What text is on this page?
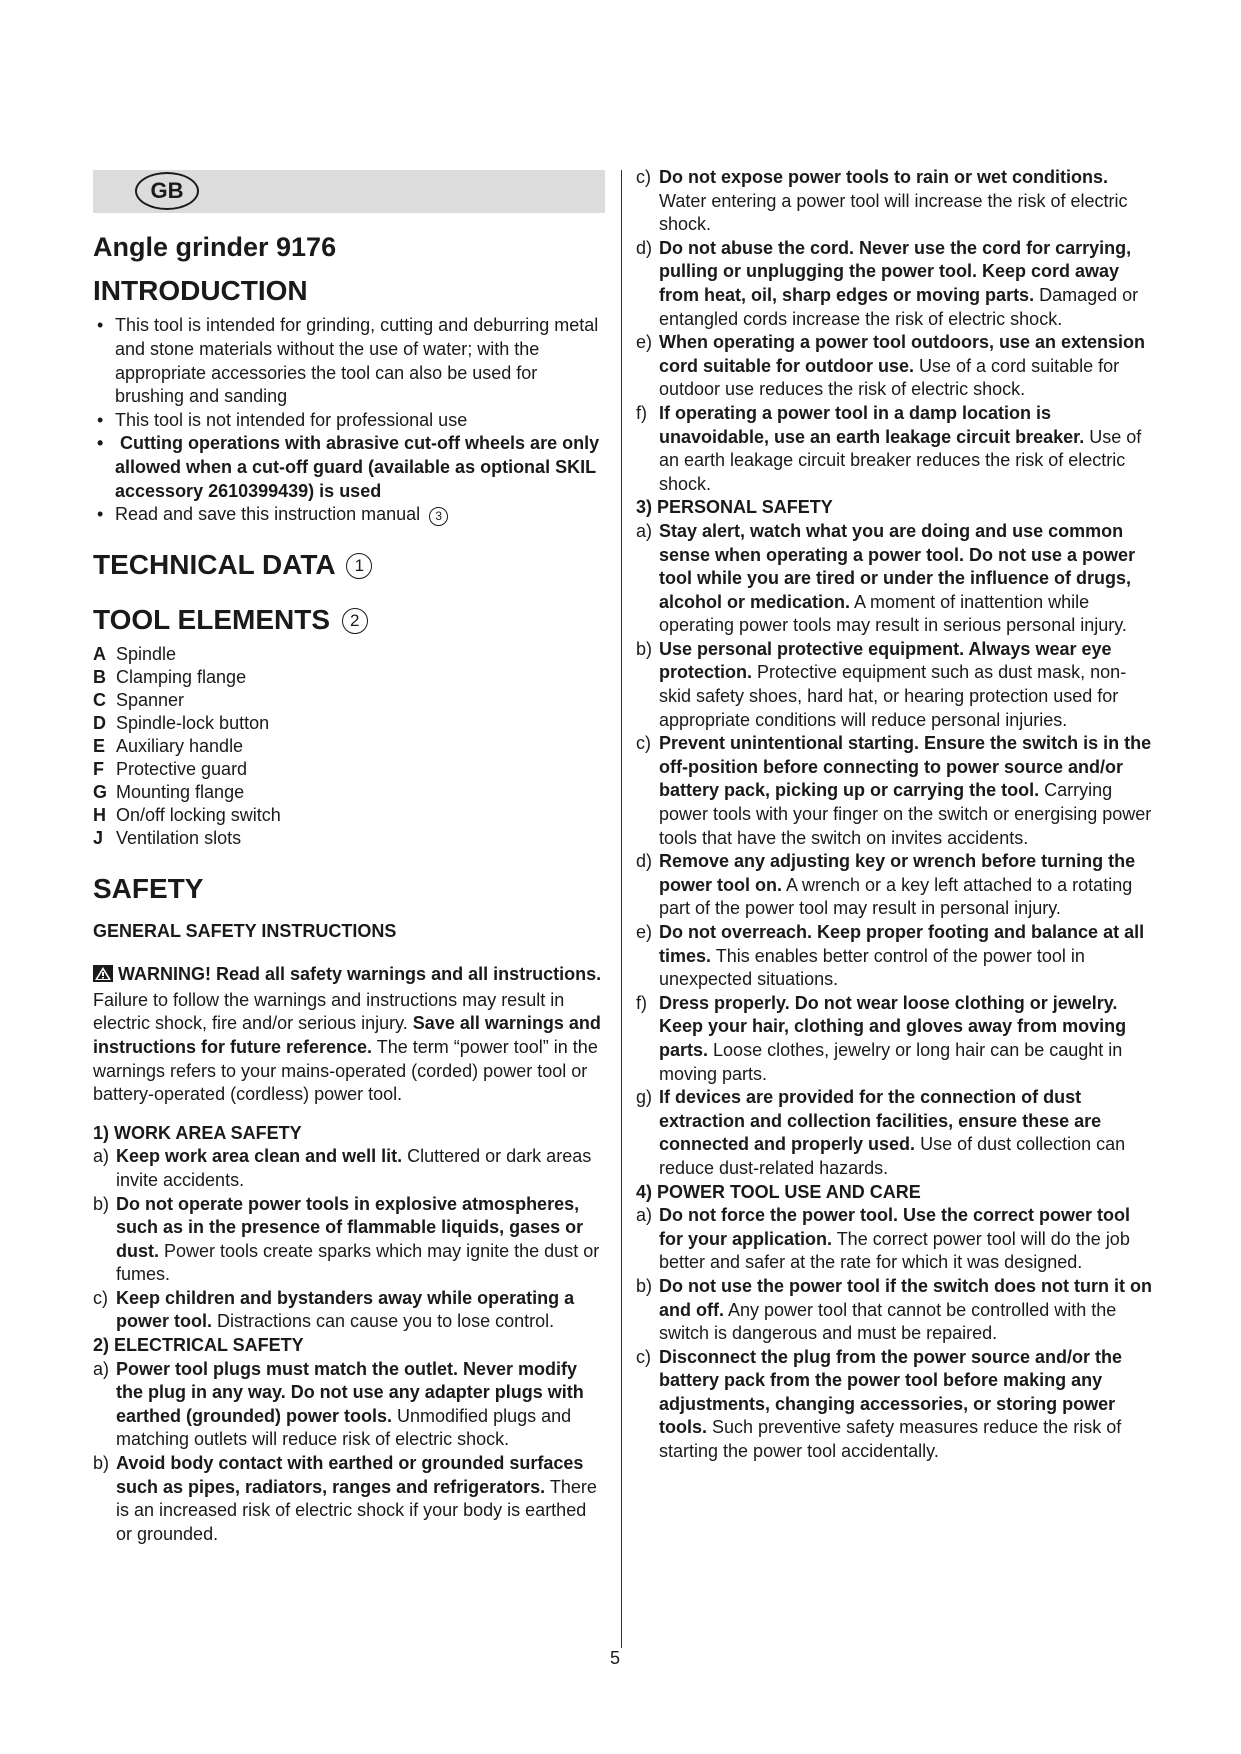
GB
Angle grinder 9176
INTRODUCTION
• This tool is intended for grinding, cutting and deburring metal and stone materials without the use of water; with the appropriate accessories the tool can also be used for brushing and sanding
• This tool is not intended for professional use
•  Cutting operations with abrasive cut-off wheels are only allowed when a cut-off guard (available as optional SKIL accessory 2610399439) is used
• Read and save this instruction manual 3
TECHNICAL DATA 1
TOOL ELEMENTS 2
A Spindle
B Clamping flange
C Spanner
D Spindle-lock button
E Auxiliary handle
F Protective guard
G Mounting flange
H On/off locking switch
J Ventilation slots
SAFETY
GENERAL SAFETY INSTRUCTIONS
WARNING! Read all safety warnings and all instructions. Failure to follow the warnings and instructions may result in electric shock, fire and/or serious injury. Save all warnings and instructions for future reference. The term “power tool” in the warnings refers to your mains-operated (corded) power tool or battery-operated (cordless) power tool.
1) WORK AREA SAFETY
a) Keep work area clean and well lit. Cluttered or dark areas invite accidents.

b) Do not operate power tools in explosive atmospheres, such as in the presence of flammable liquids, gases or dust. Power tools create sparks which may ignite the dust or fumes.

c) Keep children and bystanders away while operating a power tool. Distractions can cause you to lose control.

2) ELECTRICAL SAFETY
a) Power tool plugs must match the outlet. Never modify the plug in any way. Do not use any adapter plugs with earthed (grounded) power tools. Unmodified plugs and matching outlets will reduce risk of electric shock.

b) Avoid body contact with earthed or grounded surfaces such as pipes, radiators, ranges and refrigerators. There is an increased risk of electric shock if your body is earthed or grounded.

c) Do not expose power tools to rain or wet conditions. Water entering a power tool will increase the risk of electric shock.

d) Do not abuse the cord. Never use the cord for carrying, pulling or unplugging the power tool. Keep cord away from heat, oil, sharp edges or moving parts. Damaged or entangled cords increase the risk of electric shock.

e) When operating a power tool outdoors, use an extension cord suitable for outdoor use. Use of a cord suitable for outdoor use reduces the risk of electric shock.

f) If operating a power tool in a damp location is unavoidable, use an earth leakage circuit breaker. Use of an earth leakage circuit breaker reduces the risk of electric shock.

3) PERSONAL SAFETY
a) Stay alert, watch what you are doing and use common sense when operating a power tool. Do not use a power tool while you are tired or under the influence of drugs, alcohol or medication. A moment of inattention while operating power tools may result in serious personal injury.

b) Use personal protective equipment. Always wear eye protection. Protective equipment such as dust mask, non-skid safety shoes, hard hat, or hearing protection used for appropriate conditions will reduce personal injuries.

c) Prevent unintentional starting. Ensure the switch is in the off-position before connecting to power source and/or battery pack, picking up or carrying the tool. Carrying power tools with your finger on the switch or energising power tools that have the switch on invites accidents.

d) Remove any adjusting key or wrench before turning the power tool on. A wrench or a key left attached to a rotating part of the power tool may result in personal injury.

e) Do not overreach. Keep proper footing and balance at all times. This enables better control of the power tool in unexpected situations.

f) Dress properly. Do not wear loose clothing or jewelry. Keep your hair, clothing and gloves away from moving parts. Loose clothes, jewelry or long hair can be caught in moving parts.

g) If devices are provided for the connection of dust extraction and collection facilities, ensure these are connected and properly used. Use of dust collection can reduce dust-related hazards.

4) POWER TOOL USE AND CARE
a) Do not force the power tool. Use the correct power tool for your application. The correct power tool will do the job better and safer at the rate for which it was designed.

b) Do not use the power tool if the switch does not turn it on and off. Any power tool that cannot be controlled with the switch is dangerous and must be repaired.

c) Disconnect the plug from the power source and/or the battery pack from the power tool before making any adjustments, changing accessories, or storing power tools. Such preventive safety measures reduce the risk of starting the power tool accidentally.

5
